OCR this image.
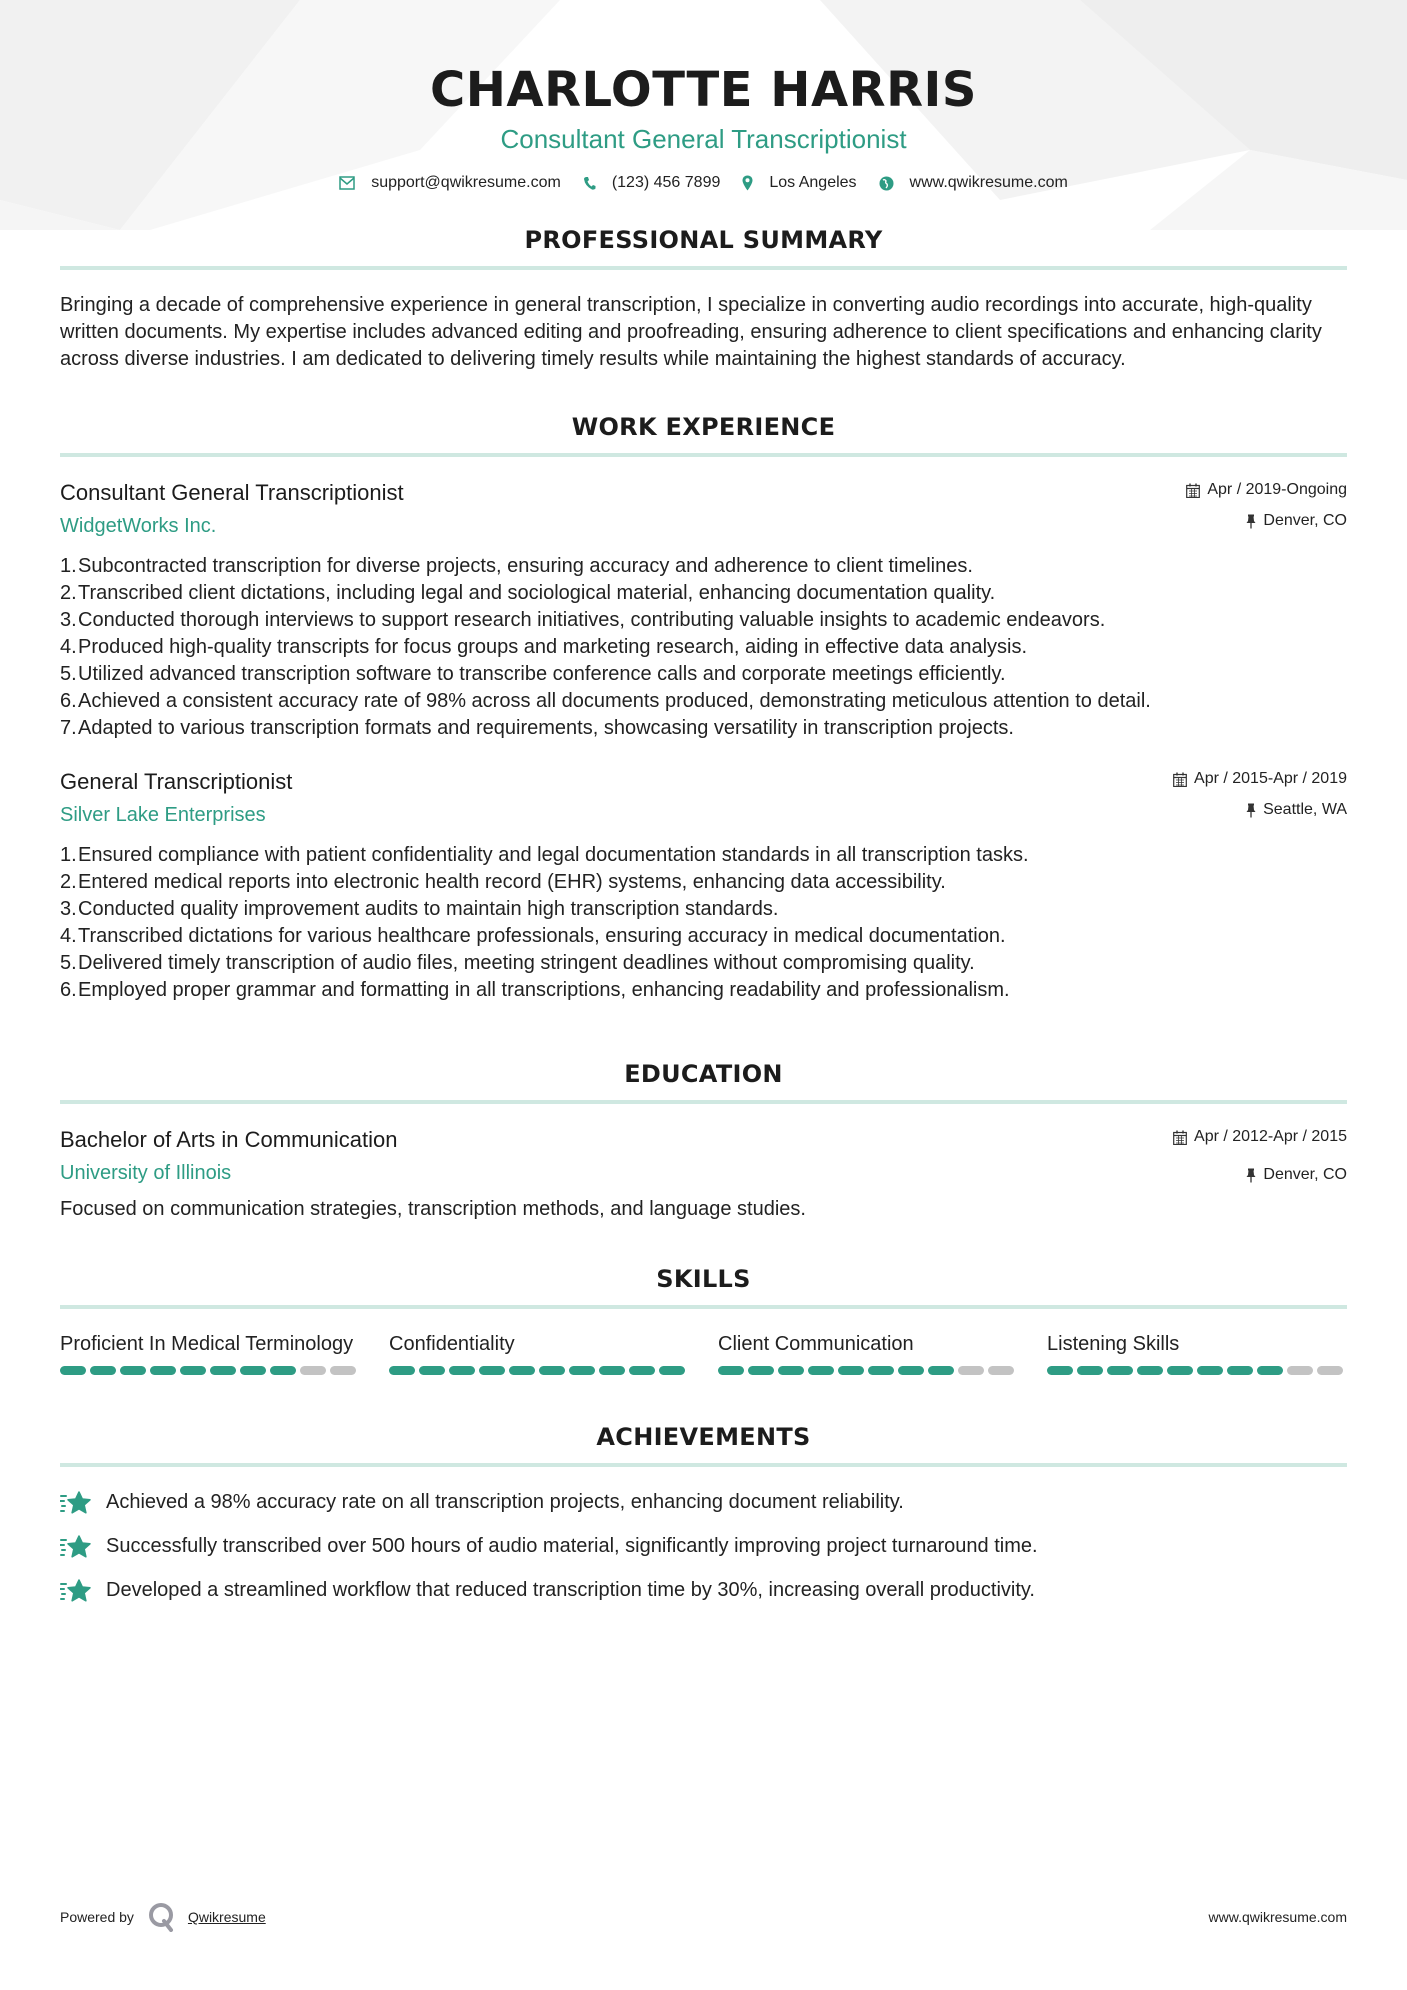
CHARLOTTE HARRIS
Consultant General Transcriptionist
support@qwikresume.com	(123) 456 7899	Los Angeles	www.qwikresume.com
PROFESSIONAL SUMMARY

Bringing a decade of comprehensive experience in general transcription, I specialize in converting audio recordings into accurate, high-quality written documents. My expertise includes advanced editing and proofreading, ensuring adherence to client specifications and enhancing clarity across diverse industries. I am dedicated to delivering timely results while maintaining the highest standards of accuracy.

WORK EXPERIENCE
Consultant General Transcriptionist
WidgetWorks Inc.
Apr / 2019-Ongoing
Denver, CO
1. Subcontracted transcription for diverse projects, ensuring accuracy and adherence to client timelines.
2. Transcribed client dictations, including legal and sociological material, enhancing documentation quality.
3. Conducted thorough interviews to support research initiatives, contributing valuable insights to academic endeavors.
4. Produced high-quality transcripts for focus groups and marketing research, aiding in effective data analysis.
5. Utilized advanced transcription software to transcribe conference calls and corporate meetings efficiently.
6. Achieved a consistent accuracy rate of 98% across all documents produced, demonstrating meticulous attention to detail.
7. Adapted to various transcription formats and requirements, showcasing versatility in transcription projects.
General Transcriptionist
Silver Lake Enterprises
Apr / 2015-Apr / 2019
Seattle, WA
1. Ensured compliance with patient confidentiality and legal documentation standards in all transcription tasks.
2. Entered medical reports into electronic health record (EHR) systems, enhancing data accessibility.
3. Conducted quality improvement audits to maintain high transcription standards.
4. Transcribed dictations for various healthcare professionals, ensuring accuracy in medical documentation.
5. Delivered timely transcription of audio files, meeting stringent deadlines without compromising quality.
6. Employed proper grammar and formatting in all transcriptions, enhancing readability and professionalism.
EDUCATION
Bachelor of Arts in Communication
University of Illinois
Apr / 2012-Apr / 2015
Denver, CO

Focused on communication strategies, transcription methods, and language studies.

SKILLS
Proficient In Medical Terminology	Confidentiality	Client Communication	Listening Skills
ACHIEVEMENTS
Achieved a 98% accuracy rate on all transcription projects, enhancing document reliability.
Successfully transcribed over 500 hours of audio material, significantly improving project turnaround time.
Developed a streamlined workflow that reduced transcription time by 30%, increasing overall productivity.
Powered by	Qwikresume	www.qwikresume.com
